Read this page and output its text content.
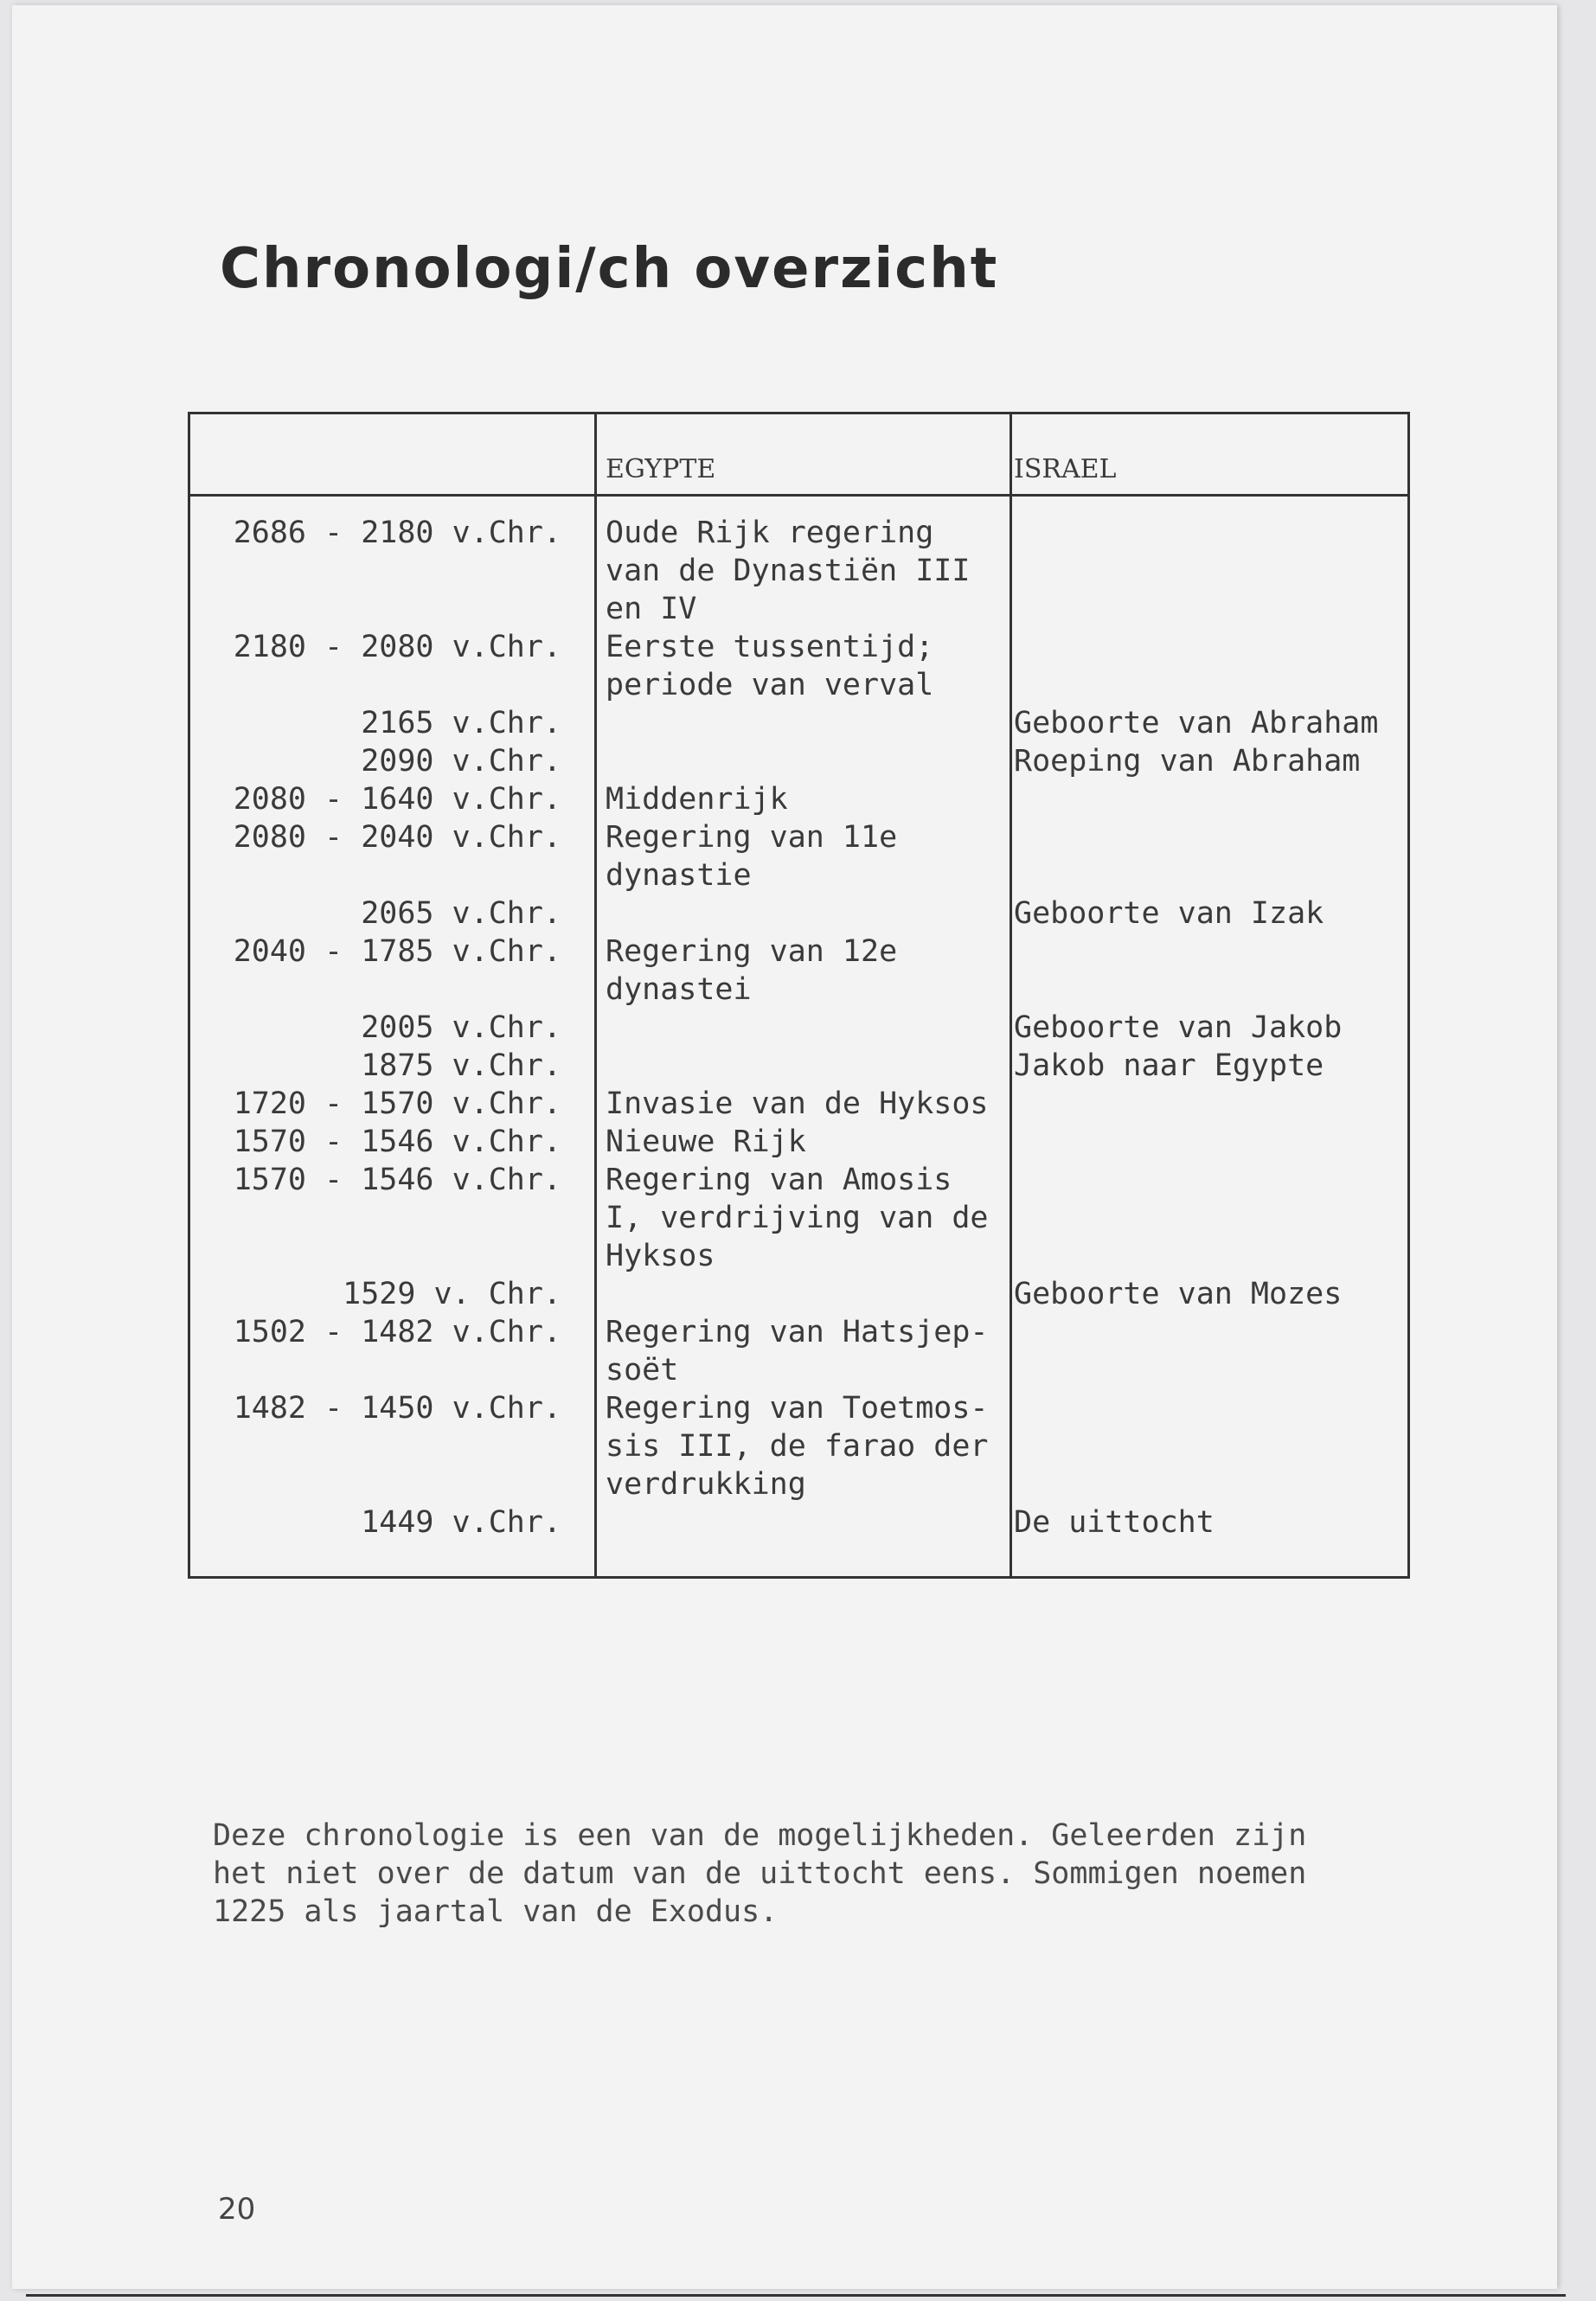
Chronologi/ch overzicht
	EGYPTE	ISRAEL
2686 - 2180 v.Chr.	Oude Rijk regering van de Dynastiën III en IV	
2180 - 2080 v.Chr.	Eerste tussentijd; periode van verval	
2165 v.Chr.		Geboorte van Abraham
2090 v.Chr.		Roeping van Abraham
2080 - 1640 v.Chr.	Middenrijk	
2080 - 2040 v.Chr.	Regering van 11e dynastie	
2065 v.Chr.		Geboorte van Izak
2040 - 1785 v.Chr.	Regering van 12e dynastei	
2005 v.Chr.		Geboorte van Jakob
1875 v.Chr.		Jakob naar Egypte
1720 - 1570 v.Chr.	Invasie van de Hyksos	
1570 - 1546 v.Chr.	Nieuwe Rijk	
1570 - 1546 v.Chr.	Regering van Amosis I, verdrijving van de Hyksos	
1529 v. Chr.		Geboorte van Mozes
1502 - 1482 v.Chr.	Regering van Hatsjep-soët	
1482 - 1450 v.Chr.	Regering van Toetmos-sis III, de farao der verdrukking	
1449 v.Chr.		De uittocht

Deze chronologie is een van de mogelijkheden. Geleerden zijn
het niet over de datum van de uittocht eens. Sommigen noemen
1225 als jaartal van de Exodus.

20
